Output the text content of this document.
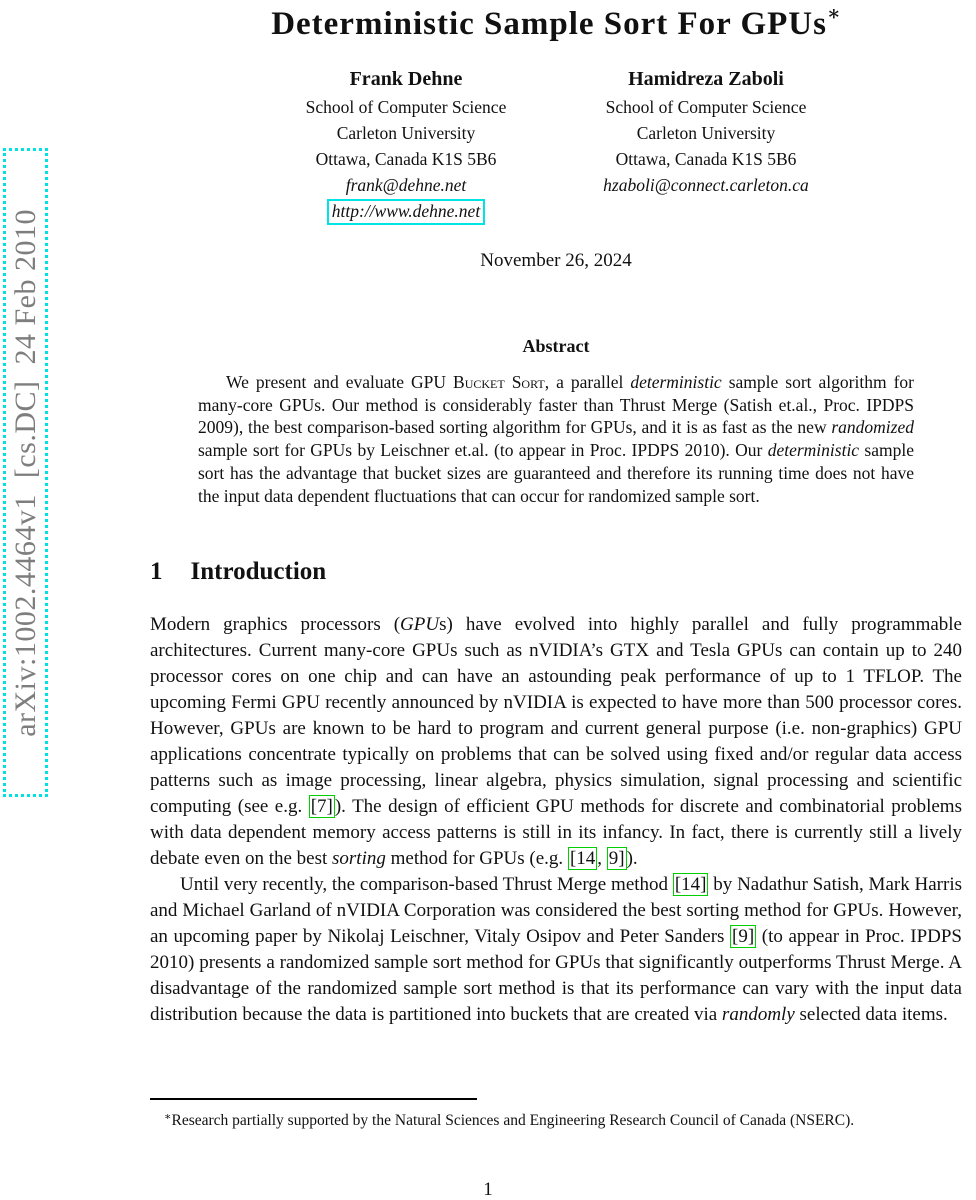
arXiv:1002.4464v1  [cs.DC]  24 Feb 2010
Deterministic Sample Sort For GPUs∗
Frank Dehne
School of Computer Science
Carleton University
Ottawa, Canada K1S 5B6
frank@dehne.net
http://www.dehne.net
Hamidreza Zaboli
School of Computer Science
Carleton University
Ottawa, Canada K1S 5B6
hzaboli@connect.carleton.ca
November 26, 2024

Abstract

We present and evaluate GPU Bucket Sort, a parallel deterministic sample sort algorithm for many-core GPUs. Our method is considerably faster than Thrust Merge (Satish et.al., Proc. IPDPS 2009), the best comparison-based sorting algorithm for GPUs, and it is as fast as the new randomized sample sort for GPUs by Leischner et.al. (to appear in Proc. IPDPS 2010). Our deterministic sample sort has the advantage that bucket sizes are guaranteed and therefore its running time does not have the input data dependent fluctuations that can occur for randomized sample sort.

1 Introduction

Modern graphics processors (GPUs) have evolved into highly parallel and fully programmable architectures. Current many-core GPUs such as nVIDIA’s GTX and Tesla GPUs can contain up to 240 processor cores on one chip and can have an astounding peak performance of up to 1 TFLOP. The upcoming Fermi GPU recently announced by nVIDIA is expected to have more than 500 processor cores. However, GPUs are known to be hard to program and current general purpose (i.e. non-graphics) GPU applications concentrate typically on problems that can be solved using fixed and/or regular data access patterns such as image processing, linear algebra, physics simulation, signal processing and scientific computing (see e.g. [7] ). The design of efficient GPU methods for discrete and combinatorial problems with data dependent memory access patterns is still in its infancy. In fact, there is currently still a lively debate even on the best sorting method for GPUs (e.g. [14 , 9] ).

Until very recently, the comparison-based Thrust Merge method [14] by Nadathur Satish, Mark Harris and Michael Garland of nVIDIA Corporation was considered the best sorting method for GPUs. However, an upcoming paper by Nikolaj Leischner, Vitaly Osipov and Peter Sanders [9] (to appear in Proc. IPDPS 2010) presents a randomized sample sort method for GPUs that significantly outperforms Thrust Merge. A disadvantage of the randomized sample sort method is that its performance can vary with the input data distribution because the data is partitioned into buckets that are created via randomly selected data items.

∗Research partially supported by the Natural Sciences and Engineering Research Council of Canada (NSERC).

1
